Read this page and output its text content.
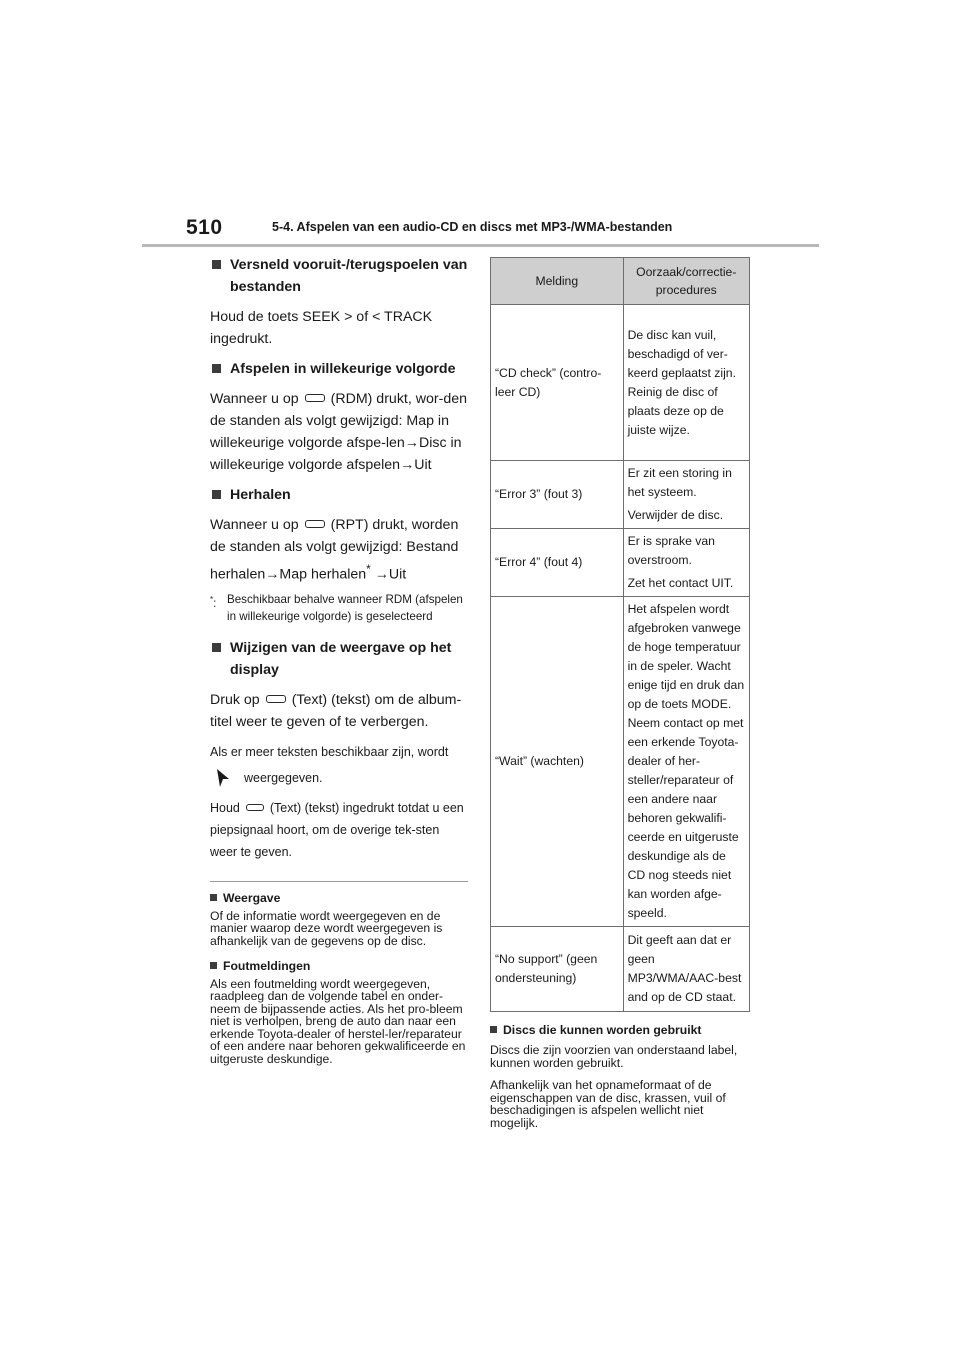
510	5-4. Afspelen van een audio-CD en discs met MP3-/WMA-bestanden
Versneld vooruit-/terugspoelen van bestanden
Houd de toets SEEK > of < TRACK ingedrukt.
Afspelen in willekeurige volgorde
Wanneer u op (RDM) drukt, wor-den de standen als volgt gewijzigd: Map in willekeurige volgorde afspe-len→Disc in willekeurige volgorde afspelen→Uit
Herhalen
Wanneer u op (RPT) drukt, worden de standen als volgt gewijzigd: Bestand herhalen→Map herhalen* →Uit
*: Beschikbaar behalve wanneer RDM (afspelen in willekeurige volgorde) is geselecteerd
Wijzigen van de weergave op het display
Druk op (Text) (tekst) om de album-titel weer te geven of te verbergen.
Als er meer teksten beschikbaar zijn, wordt
weergegeven.
Houd (Text) (tekst) ingedrukt totdat u een piepsignaal hoort, om de overige tek-sten weer te geven.
Weergave
Of de informatie wordt weergegeven en de manier waarop deze wordt weergegeven is afhankelijk van de gegevens op de disc.
Foutmeldingen
Als een foutmelding wordt weergegeven, raadpleeg dan de volgende tabel en onder-neem de bijpassende acties. Als het pro-bleem niet is verholpen, breng de auto dan naar een erkende Toyota-dealer of herstel-ler/reparateur of een andere naar behoren gekwalificeerde en uitgeruste deskundige.
Melding	Oorzaak/correctie-procedures
“CD check” (contro-leer CD)	De disc kan vuil, beschadigd of ver-keerd geplaatst zijn. Reinig de disc of plaats deze op de juiste wijze.

“Error 3” (fout 3)	Er zit een storing in het systeem.

Verwijder de disc.

“Error 4” (fout 4)	Er is sprake van overstroom.

Zet het contact UIT.

“Wait” (wachten)	Het afspelen wordt afgebroken vanwege de hoge temperatuur in de speler. Wacht enige tijd en druk dan op de toets MODE. Neem contact op met een erkende Toyota-dealer of her-steller/reparateur of een andere naar behoren gekwalifi-ceerde en uitgeruste deskundige als de CD nog steeds niet kan worden afge-speeld.

“No support” (geen ondersteuning)	Dit geeft aan dat er geen MP3/WMA/AAC-best and op de CD staat.

Discs die kunnen worden gebruikt
Discs die zijn voorzien van onderstaand label, kunnen worden gebruikt.
Afhankelijk van het opnameformaat of de eigenschappen van de disc, krassen, vuil of beschadigingen is afspelen wellicht niet mogelijk.
